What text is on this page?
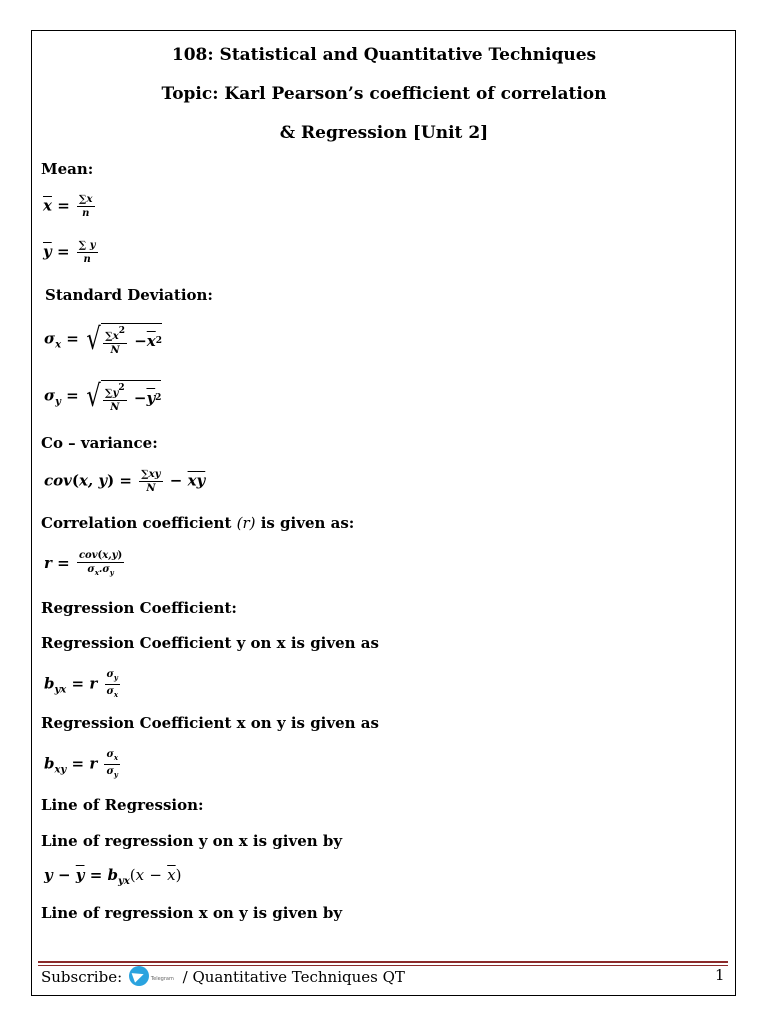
108: Statistical and Quantitative Techniques
Topic: Karl Pearson’s coefficient of correlation
& Regression [Unit 2]
Mean:
$\overline{x} = \frac{\sum x}{n}$
$\overline{y} = \frac{\sum y}{n}$
Standard Deviation:
$\sigma_x$ = √ $\frac{\sum x^2}{N} - \overline{x}$ 2
$\sigma_y$ = √ $\frac{\sum y^2}{N} - \overline{y}$ 2
Co – variance:
cov(x, $y) = \frac{\sum xy}{N} - \overline{x}\overline{y}$
Correlation coefficient (r) is given as:
$r = \frac{\text{cov(x,y)}}{\sigma_x.\sigma_y}$
Regression Coefficient:
Regression Coefficient y on x is given as
$b_{yx} = r \frac{\sigma_y}{\sigma_x}$
Regression Coefficient x on y is given as
$b_{xy} = r \frac{\sigma_x}{\sigma_y}$
Line of Regression:
Line of regression y on x is given by
$y - \overline{y} = b_{yx}(x - \overline{x})$
Line of regression x on y is given by
Subscribe:	Telegram / Quantitative Techniques QT	1
